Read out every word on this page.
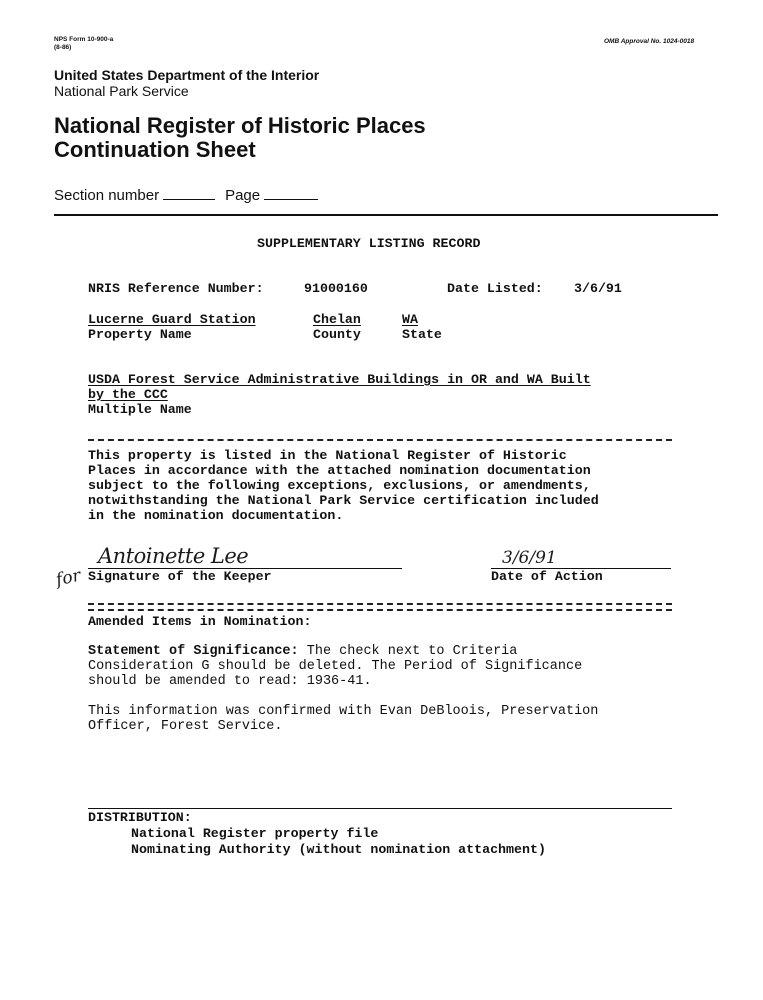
NPS Form 10-900-a
(8-86)
OMB Approval No. 1024-0018
United States Department of the Interior
National Park Service
National Register of Historic Places
Continuation Sheet
Section number	Page
SUPPLEMENTARY LISTING RECORD
NRIS Reference Number:	91000160	Date Listed: 3/6/91
Lucerne Guard Station	Chelan	WA
Property Name	County	State
USDA Forest Service Administrative Buildings in OR and WA Built
by the CCC
Multiple Name
This property is listed in the National Register of Historic
Places in accordance with the attached nomination documentation
subject to the following exceptions, exclusions, or amendments,
notwithstanding the National Park Service certification included
in the nomination documentation.
Antoinette Lee
for Signature of the Keeper
3/6/91
Date of Action
Amended Items in Nomination:
Statement of Significance: The check next to Criteria
Consideration G should be deleted. The Period of Significance
should be amended to read: 1936-41.
This information was confirmed with Evan DeBloois, Preservation
Officer, Forest Service.
DISTRIBUTION:
National Register property file
Nominating Authority (without nomination attachment)
